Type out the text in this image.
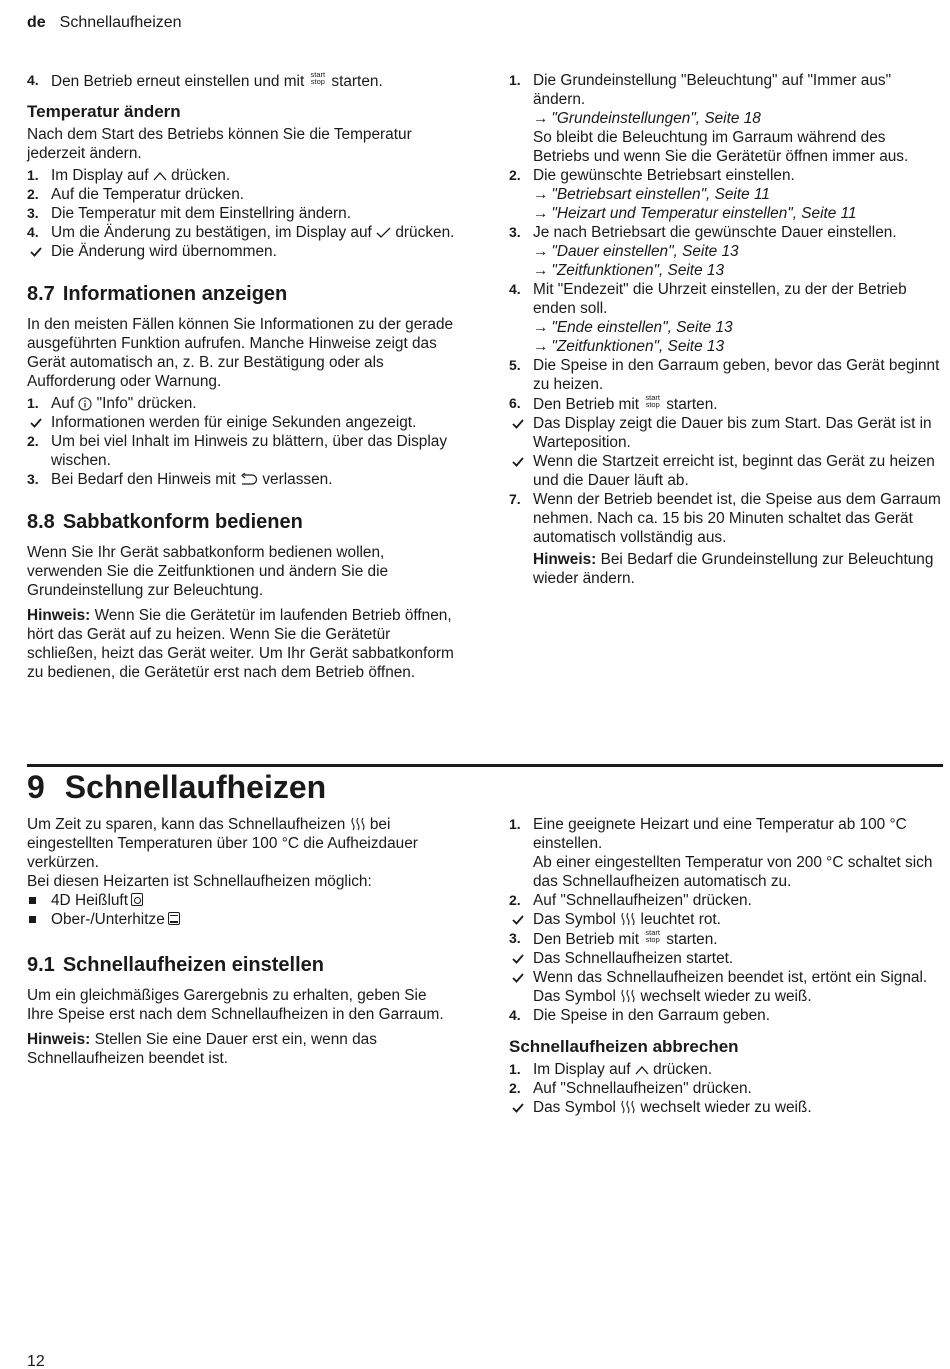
de Schnellaufheizen
4. Den Betrieb erneut einstellen und mit start
stop starten.
Temperatur ändern

Nach dem Start des Betriebs können Sie die Temperatur jederzeit ändern.

1. Im Display auf drücken.
2. Auf die Temperatur drücken.
3. Die Temperatur mit dem Einstellring ändern.
4. Um die Änderung zu bestätigen, im Display auf drücken.
Die Änderung wird übernommen.
8.7 Informationen anzeigen

In den meisten Fällen können Sie Informationen zu der gerade ausgeführten Funktion aufrufen. Manche Hinweise zeigt das Gerät automatisch an, z. B. zur Bestätigung oder als Aufforderung oder Warnung.

1. Auf "Info" drücken.
Informationen werden für einige Sekunden angezeigt.
2. Um bei viel Inhalt im Hinweis zu blättern, über das Display wischen.
3. Bei Bedarf den Hinweis mit verlassen.
8.8 Sabbatkonform bedienen

Wenn Sie Ihr Gerät sabbatkonform bedienen wollen, verwenden Sie die Zeitfunktionen und ändern Sie die Grundeinstellung zur Beleuchtung.

Hinweis: Wenn Sie die Gerätetür im laufenden Betrieb öffnen, hört das Gerät auf zu heizen. Wenn Sie die Gerätetür schließen, heizt das Gerät weiter. Um Ihr Gerät sabbatkonform zu bedienen, die Gerätetür erst nach dem Betrieb öffnen.

1. Die Grundeinstellung "Beleuchtung" auf "Immer aus" ändern.
→ "Grundeinstellungen", Seite 18
So bleibt die Beleuchtung im Garraum während des Betriebs und wenn Sie die Gerätetür öffnen immer aus.
2. Die gewünschte Betriebsart einstellen.
→ "Betriebsart einstellen", Seite 11
→ "Heizart und Temperatur einstellen", Seite 11
3. Je nach Betriebsart die gewünschte Dauer einstellen.
→ "Dauer einstellen", Seite 13
→ "Zeitfunktionen", Seite 13
4. Mit "Endezeit" die Uhrzeit einstellen, zu der der Betrieb enden soll.
→ "Ende einstellen", Seite 13
→ "Zeitfunktionen", Seite 13
5. Die Speise in den Garraum geben, bevor das Gerät beginnt zu heizen.
6. Den Betrieb mit start
stop starten.
Das Display zeigt die Dauer bis zum Start. Das Gerät ist in Warteposition.
Wenn die Startzeit erreicht ist, beginnt das Gerät zu heizen und die Dauer läuft ab.
7. Wenn der Betrieb beendet ist, die Speise aus dem Garraum nehmen. Nach ca. 15 bis 20 Minuten schaltet das Gerät automatisch vollständig aus.
Hinweis: Bei Bedarf die Grundeinstellung zur Beleuchtung wieder ändern.
9 Schnellaufheizen

Um Zeit zu sparen, kann das Schnellaufheizen bei eingestellten Temperaturen über 100 °C die Aufheizdauer verkürzen.

Bei diesen Heizarten ist Schnellaufheizen möglich:

4D Heißluft
Ober-/Unterhitze
9.1 Schnellaufheizen einstellen

Um ein gleichmäßiges Garergebnis zu erhalten, geben Sie Ihre Speise erst nach dem Schnellaufheizen in den Garraum.

Hinweis: Stellen Sie eine Dauer erst ein, wenn das Schnellaufheizen beendet ist.

1. Eine geeignete Heizart und eine Temperatur ab 100 °C einstellen.
Ab einer eingestellten Temperatur von 200 °C schaltet sich das Schnellaufheizen automatisch zu.
2. Auf "Schnellaufheizen" drücken.
Das Symbol leuchtet rot.
3. Den Betrieb mit start
stop starten.
Das Schnellaufheizen startet.
Wenn das Schnellaufheizen beendet ist, ertönt ein Signal. Das Symbol wechselt wieder zu weiß.
4. Die Speise in den Garraum geben.
Schnellaufheizen abbrechen
1. Im Display auf drücken.
2. Auf "Schnellaufheizen" drücken.
Das Symbol wechselt wieder zu weiß.
12
